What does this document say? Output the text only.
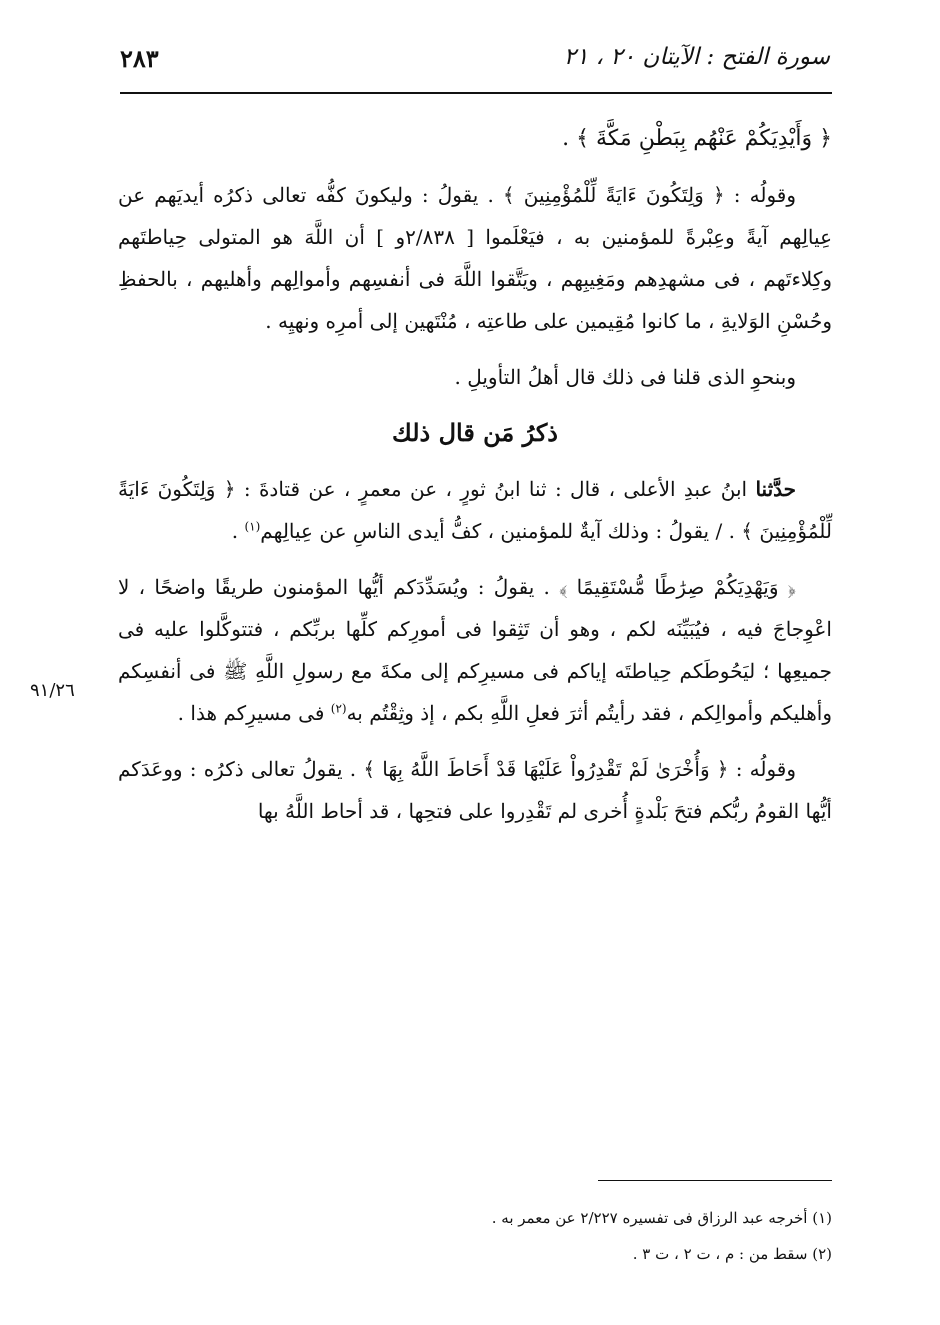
سورة الفتح : الآيتان ٢٠ ، ٢١
٢٨٣

﴿ وَأَيْدِيَكُمْ عَنْهُم بِبَطْنِ مَكَّةَ ﴾ .

وقولُه : ﴿ وَلِتَكُونَ ءَايَةً لِّلْمُؤْمِنِينَ ﴾ . يقولُ : وليكونَ كفُّه تعالى ذكرُه أيديَهم عن عِيالِهم آيةً وعِبْرةً للمؤمنين به ، فيَعْلَموا [ ٢/٨٣٨و ] أن اللَّهَ هو المتولى حِياطتَهم وكِلاءتَهم ، فى مشهدِهم ومَغِيبِهم ، ويَتَّقوا اللَّهَ فى أنفسِهم وأموالِهم وأهليهم ، بالحفظِ وحُسْنِ الوَلايةِ ، ما كانوا مُقِيمين على طاعتِه ، مُنْتَهين إلى أمرِه ونهيِه .

وبنحوِ الذى قلنا فى ذلك قال أهلُ التأويلِ .

ذكرُ مَن قال ذلك

حدَّثنا ابنُ عبدِ الأعلى ، قال : ثنا ابنُ ثورٍ ، عن معمرٍ ، عن قتادةَ : ﴿ وَلِتَكُونَ ءَايَةً لِّلْمُؤْمِنِينَ ﴾ . / يقولُ : وذلك آيةٌ للمؤمنين ، كفُّ أيدى الناسِ عن عِيالِهم$^{(١)}$ .

﴿ وَيَهْدِيَكُمْ صِرَٰطًا مُّسْتَقِيمًا ﴾ . يقولُ : ويُسَدِّدَكم أيُّها المؤمنون طريقًا واضحًا ، لا اعْوِجاجَ فيه ، فيُبَيِّنَه لكم ، وهو أن تَثِقوا فى أمورِكم كلِّها بربِّكم ، فتتوكَّلوا عليه فى جميعِها ؛ ليَحُوطَكم حِياطتَه إياكم فى مسيرِكم إلى مكةَ مع رسولِ اللَّهِ ﷺ فى أنفسِكم وأهليكم وأموالِكم ، فقد رأيتُم أثرَ فعلِ اللَّهِ بكم ، إذ وثِقْتُم به$^{(٢)}$ فى مسيرِكم هذا .

وقولُه : ﴿ وَأُخْرَىٰ لَمْ تَقْدِرُواْ عَلَيْهَا قَدْ أَحَاطَ اللَّهُ بِهَا ﴾ . يقولُ تعالى ذكرُه : ووعَدَكم أيُّها القومُ ربُّكم فتحَ بَلْدةٍ أُخرى لم تَقْدِروا على فتحِها ، قد أحاط اللَّهُ بها

٩١/٢٦
(١) أخرجه عبد الرزاق فى تفسيره ٢/٢٢٧ عن معمر به .
(٢) سقط من : م ، ت ٢ ، ت ٣ .
